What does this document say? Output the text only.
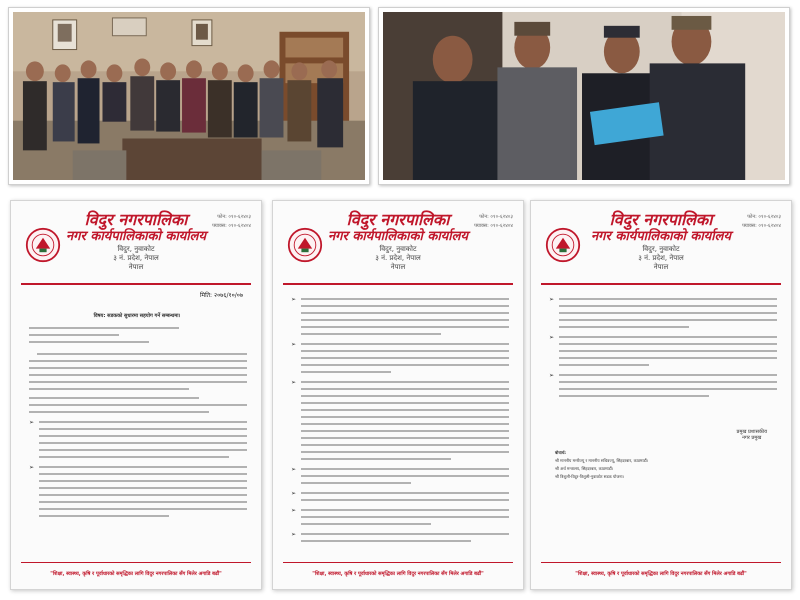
फोन: ०१०-६२४०३
फ्याक्स: ०१०-६२४०४
विदुर नगरपालिका
नगर कार्यपालिकाको कार्यालय
विदुर, नुवाकोट
३ नं. प्रदेश, नेपाल
नेपाल
मिति: २०७६/१०/०७

विषय: सडकको सुधारमा सहयोग गर्ने सम्बन्धमा।

➢
➢
"शिक्षा, स्वास्थ्य, कृषि र पूर्वाधारको समृद्धिका लागि विदुर नगरपालिका सँग मिलेर अगाडि बढौं"
फोन: ०१०-६२४०३
फ्याक्स: ०१०-६२४०४
विदुर नगरपालिका
नगर कार्यपालिकाको कार्यालय
विदुर, नुवाकोट
३ नं. प्रदेश, नेपाल
नेपाल
➢
➢
➢
➢
➢
➢
➢
"शिक्षा, स्वास्थ्य, कृषि र पूर्वाधारको समृद्धिका लागि विदुर नगरपालिका सँग मिलेर अगाडि बढौं"
फोन: ०१०-६२४०३
फ्याक्स: ०१०-६२४०४
विदुर नगरपालिका
नगर कार्यपालिकाको कार्यालय
विदुर, नुवाकोट
३ नं. प्रदेश, नेपाल
नेपाल
➢
➢
➢
प्रमुख प्रशासकीय
नगर प्रमुख
बोधार्थ:
श्री माननीय मन्त्रीज्यू र माननीय सचिवज्यू, सिंहदरबार, काठमाडौं।
श्री अर्थ मन्त्रालय, सिंहदरबार, काठमाडौं।
श्री त्रिशुली-विदुर-त्रिशुली-नुवाकोट सडक योजना।
"शिक्षा, स्वास्थ्य, कृषि र पूर्वाधारको समृद्धिका लागि विदुर नगरपालिका सँग मिलेर अगाडि बढौं"
